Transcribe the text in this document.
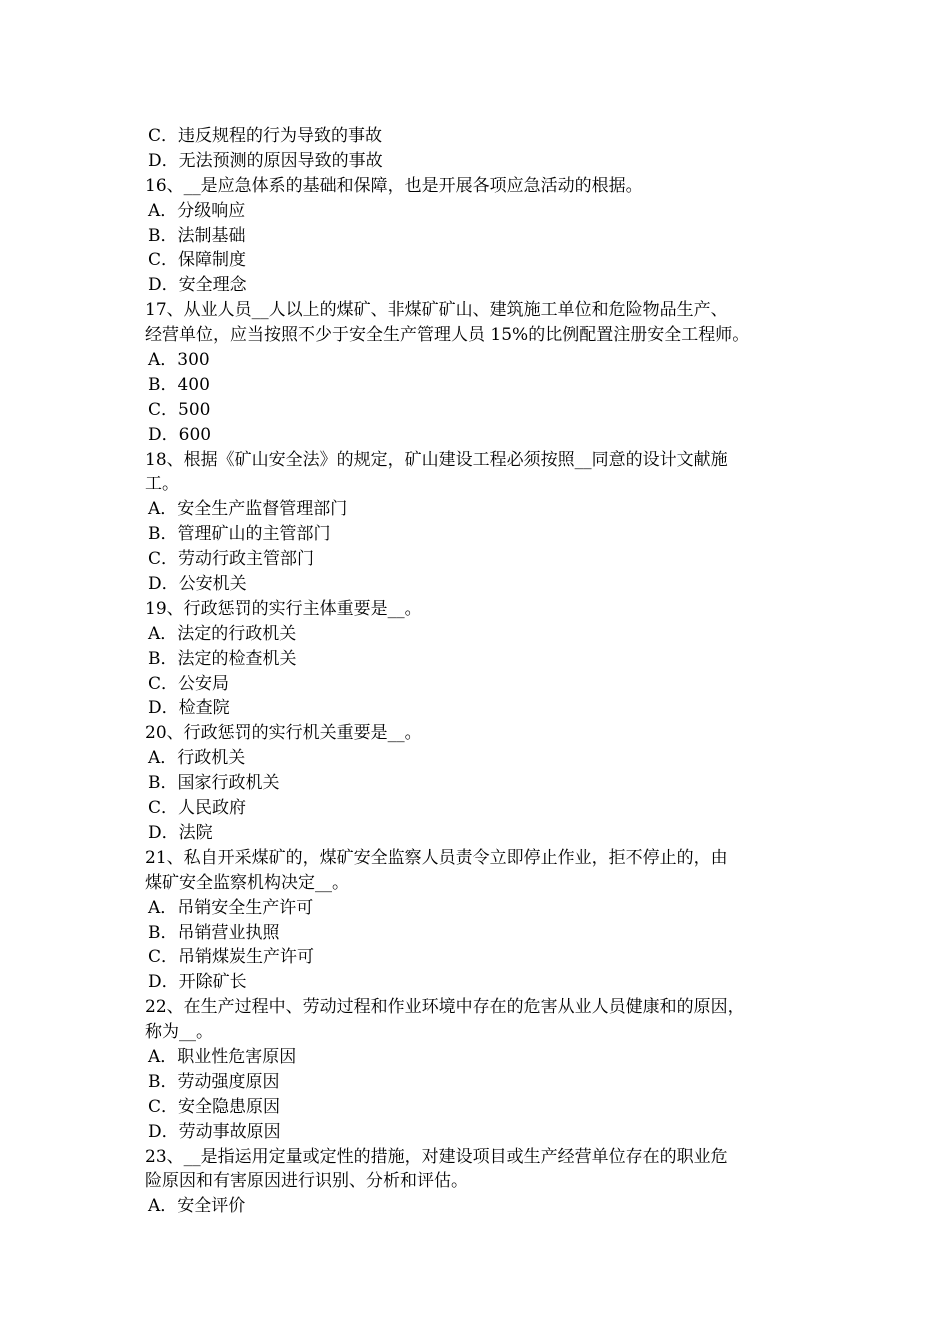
C．违反规程的行为导致的事故
D．无法预测的原因导致的事故
16、__是应急体系的基础和保障，也是开展各项应急活动的根据。
A．分级响应
B．法制基础
C．保障制度
D．安全理念
17、从业人员__人以上的煤矿、非煤矿矿山、建筑施工单位和危险物品生产、
经营单位，应当按照不少于安全生产管理人员 15%的比例配置注册安全工程师。
A．300
B．400
C．500
D．600
18、根据《矿山安全法》的规定，矿山建设工程必须按照__同意的设计文献施
工。
A．安全生产监督管理部门
B．管理矿山的主管部门
C．劳动行政主管部门
D．公安机关
19、行政惩罚的实行主体重要是__。
A．法定的行政机关
B．法定的检查机关
C．公安局
D．检查院
20、行政惩罚的实行机关重要是__。
A．行政机关
B．国家行政机关
C．人民政府
D．法院
21、私自开采煤矿的，煤矿安全监察人员责令立即停止作业，拒不停止的，由
煤矿安全监察机构决定__。
A．吊销安全生产许可
B．吊销营业执照
C．吊销煤炭生产许可
D．开除矿长
22、在生产过程中、劳动过程和作业环境中存在的危害从业人员健康和的原因，
称为__。
A．职业性危害原因
B．劳动强度原因
C．安全隐患原因
D．劳动事故原因
23、__是指运用定量或定性的措施，对建设项目或生产经营单位存在的职业危
险原因和有害原因进行识别、分析和评估。
A．安全评价
